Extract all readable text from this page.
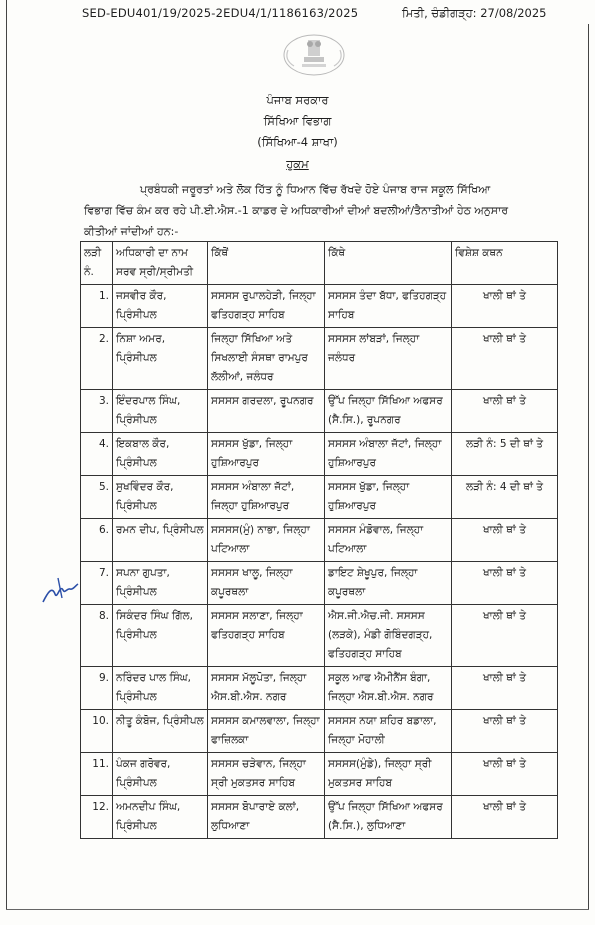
SED-EDU401/19/2025-2EDU4/1/1186163/2025	ਮਿਤੀ, ਚੰਡੀਗੜ੍ਹ: 27/08/2025
ਪੰਜਾਬ ਸਰਕਾਰ
ਸਿੱਖਿਆ ਵਿਭਾਗ
(ਸਿੱਖਿਆ-4 ਸ਼ਾਖਾ)
ਹੁਕਮ
ਪ੍ਰਬੰਧਕੀ ਜਰੂਰਤਾਂ ਅਤੇ ਲੋਕ ਹਿੱਤ ਨੂੰ ਧਿਆਨ ਵਿੱਚ ਰੱਖਦੇ ਹੋਏ ਪੰਜਾਬ ਰਾਜ ਸਕੂਲ ਸਿੱਖਿਆ
ਵਿਭਾਗ ਵਿੱਚ ਕੰਮ ਕਰ ਰਹੇ ਪੀ.ਈ.ਐਸ.-1 ਕਾਡਰ ਦੇ ਅਧਿਕਾਰੀਆਂ ਦੀਆਂ ਬਦਲੀਆਂ/ਤੈਨਾਤੀਆਂ ਹੇਠ ਅਨੁਸਾਰ
ਕੀਤੀਆਂ ਜਾਂਦੀਆਂ ਹਨ:-
ਲੜੀ ਨੰ.	ਅਧਿਕਾਰੀ ਦਾ ਨਾਮ ਸਰਵ ਸ੍ਰੀ/ਸ੍ਰੀਮਤੀ	ਕਿੱਥੋਂ	ਕਿੱਥੇ	ਵਿਸ਼ੇਸ਼ ਕਥਨ
1.	ਜਸਵੀਰ ਕੌਰ, ਪ੍ਰਿੰਸੀਪਲ	ਸਸਸਸ ਰੁਪਾਲਹੇੜੀ, ਜਿਲ੍ਹਾ ਫਤਿਹਗੜ੍ਹ ਸਾਹਿਬ	ਸਸਸਸ ਤੰਦਾ ਬੱਧਾ, ਫਤਿਹਗੜ੍ਹ ਸਾਹਿਬ	ਖਾਲੀ ਥਾਂ ਤੇ
2.	ਨਿਸ਼ਾ ਅਮਰ, ਪ੍ਰਿੰਸੀਪਲ	ਜਿਲ੍ਹਾ ਸਿੱਖਿਆ ਅਤੇ ਸਿਖਲਾਈ ਸੰਸਥਾ ਰਾਮਪੁਰ ਲੱਲੀਆਂ, ਜਲੰਧਰ	ਸਸਸਸ ਲਾਂਬੜਾਂ, ਜਿਲ੍ਹਾ ਜਲੰਧਰ	ਖਾਲੀ ਥਾਂ ਤੇ
3.	ਇੰਦਰਪਾਲ ਸਿੰਘ, ਪ੍ਰਿੰਸੀਪਲ	ਸਸਸਸ ਗਰਦਲਾ, ਰੂਪਨਗਰ	ਉੱਪ ਜਿਲ੍ਹਾ ਸਿੱਖਿਆ ਅਫਸਰ (ਸੈ.ਸਿ.), ਰੂਪਨਗਰ	ਖਾਲੀ ਥਾਂ ਤੇ
4.	ਇਕਬਾਲ ਕੌਰ, ਪ੍ਰਿੰਸੀਪਲ	ਸਸਸਸ ਖੁੱਡਾ, ਜਿਲ੍ਹਾ ਹੁਸ਼ਿਆਰਪੁਰ	ਸਸਸਸ ਅੰਬਾਲਾ ਜੱਟਾਂ, ਜਿਲ੍ਹਾ ਹੁਸ਼ਿਆਰਪੁਰ	ਲੜੀ ਨੰ: 5 ਦੀ ਥਾਂ ਤੇ
5.	ਸੁਖਵਿੰਦਰ ਕੌਰ, ਪ੍ਰਿੰਸੀਪਲ	ਸਸਸਸ ਅੰਬਾਲਾ ਜੱਟਾਂ, ਜਿਲ੍ਹਾ ਹੁਸ਼ਿਆਰਪੁਰ	ਸਸਸਸ ਖੁੱਡਾ, ਜਿਲ੍ਹਾ ਹੁਸ਼ਿਆਰਪੁਰ	ਲੜੀ ਨੰ: 4 ਦੀ ਥਾਂ ਤੇ
6.	ਰਮਨ ਦੀਪ, ਪ੍ਰਿੰਸੀਪਲ	ਸਸਸਸ(ਮੁੰ) ਨਾਭਾ, ਜਿਲ੍ਹਾ ਪਟਿਆਲਾ	ਸਸਸਸ ਮੰਡੋਵਾਲ, ਜਿਲ੍ਹਾ ਪਟਿਆਲਾ	ਖਾਲੀ ਥਾਂ ਤੇ
7.	ਸਪਨਾ ਗੁਪਤਾ, ਪ੍ਰਿੰਸੀਪਲ	ਸਸਸਸ ਖਾਲੂ, ਜਿਲ੍ਹਾ ਕਪੂਰਥਲਾ	ਡਾਇਟ ਸ਼ੇਖੂਪੁਰ, ਜਿਲ੍ਹਾ ਕਪੂਰਥਲਾ	ਖਾਲੀ ਥਾਂ ਤੇ
8.	ਸਿਕੰਦਰ ਸਿੰਘ ਗਿੱਲ, ਪ੍ਰਿੰਸੀਪਲ	ਸਸਸਸ ਸਲਾਣਾ, ਜਿਲ੍ਹਾ ਫਤਿਹਗੜ੍ਹ ਸਾਹਿਬ	ਐਸ.ਜੀ.ਐਚ.ਜੀ. ਸਸਸਸ (ਲੜਕੇ), ਮੰਡੀ ਗੋਬਿੰਦਗੜ੍ਹ, ਫਤਿਹਗੜ੍ਹ ਸਾਹਿਬ	ਖਾਲੀ ਥਾਂ ਤੇ
9.	ਨਰਿੰਦਰ ਪਾਲ ਸਿੰਘ, ਪ੍ਰਿੰਸੀਪਲ	ਸਸਸਸ ਮੱਲੂਪੋਤਾ, ਜਿਲ੍ਹਾ ਐਸ.ਬੀ.ਐਸ. ਨਗਰ	ਸਕੂਲ ਆਫ ਐਮੀਨੈਂਸ ਬੰਗਾ, ਜਿਲ੍ਹਾ ਐਸ.ਬੀ.ਐਸ. ਨਗਰ	ਖਾਲੀ ਥਾਂ ਤੇ
10.	ਨੀਤੂ ਕੰਬੋਜ, ਪ੍ਰਿੰਸੀਪਲ	ਸਸਸਸ ਕਮਾਲਵਾਲਾ, ਜਿਲ੍ਹਾ ਫਾਜ਼ਿਲਕਾ	ਸਸਸਸ ਨਯਾ ਸ਼ਹਿਰ ਬਡਾਲਾ, ਜਿਲ੍ਹਾ ਮੋਹਾਲੀ	ਖਾਲੀ ਥਾਂ ਤੇ
11.	ਪੰਕਜ ਗਰੋਵਰ, ਪ੍ਰਿੰਸੀਪਲ	ਸਸਸਸ ਚੜੇਵਾਨ, ਜਿਲ੍ਹਾ ਸ੍ਰੀ ਮੁਕਤਸਰ ਸਾਹਿਬ	ਸਸਸਸ(ਮੁੰਡੇ), ਜਿਲ੍ਹਾ ਸ੍ਰੀ ਮੁਕਤਸਰ ਸਾਹਿਬ	ਖਾਲੀ ਥਾਂ ਤੇ
12.	ਅਮਨਦੀਪ ਸਿੰਘ, ਪ੍ਰਿੰਸੀਪਲ	ਸਸਸਸ ਬੋਪਾਰਾਏ ਕਲਾਂ, ਲੁਧਿਆਣਾ	ਉੱਪ ਜਿਲ੍ਹਾ ਸਿੱਖਿਆ ਅਫਸਰ (ਸੈ.ਸਿ.), ਲੁਧਿਆਣਾ	ਖਾਲੀ ਥਾਂ ਤੇ
